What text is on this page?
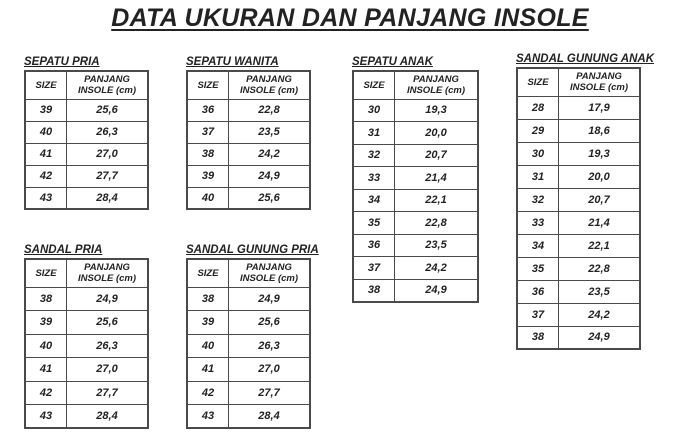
DATA UKURAN DAN PANJANG INSOLE
SEPATU PRIA
SIZE	PANJANG
INSOLE (cm)

39	25,6
40	26,3
41	27,0
42	27,7
43	28,4
SEPATU WANITA
SIZE	PANJANG
INSOLE (cm)

36	22,8
37	23,5
38	24,2
39	24,9
40	25,6
SEPATU ANAK
SIZE	PANJANG
INSOLE (cm)

30	19,3
31	20,0
32	20,7
33	21,4
34	22,1
35	22,8
36	23,5
37	24,2
38	24,9
SANDAL GUNUNG ANAK
SIZE	PANJANG
INSOLE (cm)

28	17,9
29	18,6
30	19,3
31	20,0
32	20,7
33	21,4
34	22,1
35	22,8
36	23,5
37	24,2
38	24,9
SANDAL PRIA
SIZE	PANJANG
INSOLE (cm)

38	24,9
39	25,6
40	26,3
41	27,0
42	27,7
43	28,4
SANDAL GUNUNG PRIA
SIZE	PANJANG
INSOLE (cm)

38	24,9
39	25,6
40	26,3
41	27,0
42	27,7
43	28,4
